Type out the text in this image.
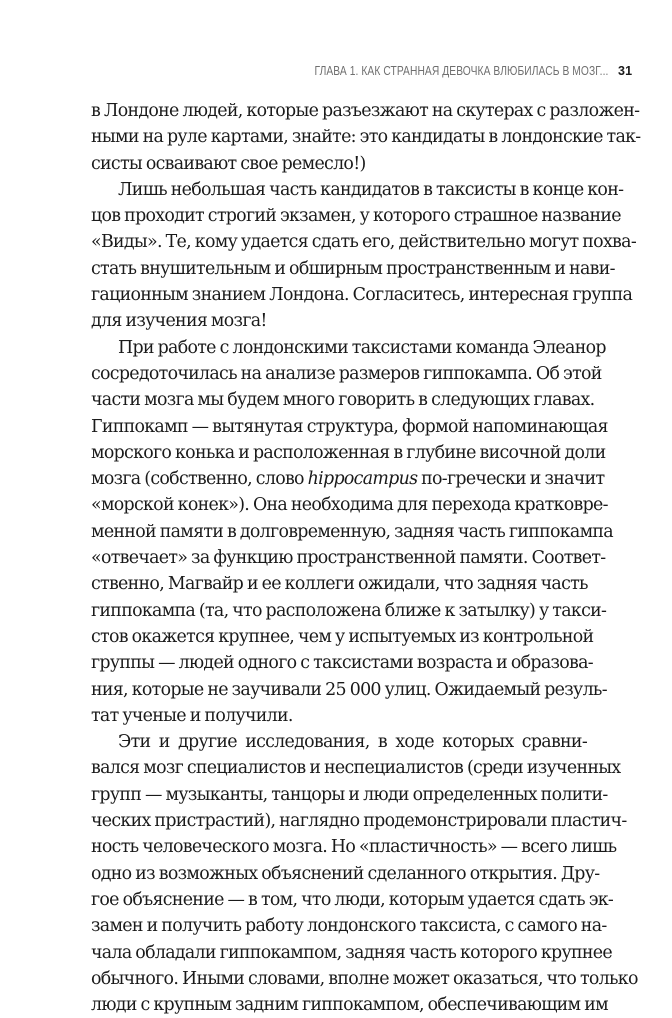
ГЛАВА 1. КАК СТРАННАЯ ДЕВОЧКА ВЛЮБИЛАСЬ В МОЗГ... 31
в Лондоне людей, которые разъезжают на скутерах с разложен-
ными на руле картами, знайте: это кандидаты в лондонские так-
систы осваивают свое ремесло!)
Лишь небольшая часть кандидатов в таксисты в конце кон-
цов проходит строгий экзамен, у которого страшное название
«Виды». Те, кому удается сдать его, действительно могут похва-
стать внушительным и обширным пространственным и нави-
гационным знанием Лондона. Согласитесь, интересная группа
для изучения мозга!
При работе с лондонскими таксистами команда Элеанор
сосредоточилась на анализе размеров гиппокампа. Об этой
части мозга мы будем много говорить в следующих главах.
Гиппокамп — вытянутая структура, формой напоминающая
морского конька и расположенная в глубине височной доли
мозга (собственно, слово hippocampus по-гречески и значит
«морской конек»). Она необходима для перехода кратковре-
менной памяти в долговременную, задняя часть гиппокампа
«отвечает» за функцию пространственной памяти. Соответ-
ственно, Магвайр и ее коллеги ожидали, что задняя часть
гиппокампа (та, что расположена ближе к затылку) у такси-
стов окажется крупнее, чем у испытуемых из контрольной
группы — людей одного с таксистами возраста и образова-
ния, которые не заучивали 25 000 улиц. Ожидаемый резуль-
тат ученые и получили.
Эти и другие исследования, в ходе которых сравни-
вался мозг специалистов и неспециалистов (среди изученных
групп — музыканты, танцоры и люди определенных полити-
ческих пристрастий), наглядно продемонстрировали пластич-
ность человеческого мозга. Но «пластичность» — всего лишь
одно из возможных объяснений сделанного открытия. Дру-
гое объяснение — в том, что люди, которым удается сдать эк-
замен и получить работу лондонского таксиста, с самого на-
чала обладали гиппокампом, задняя часть которого крупнее
обычного. Иными словами, вполне может оказаться, что только
люди с крупным задним гиппокампом, обеспечивающим им
